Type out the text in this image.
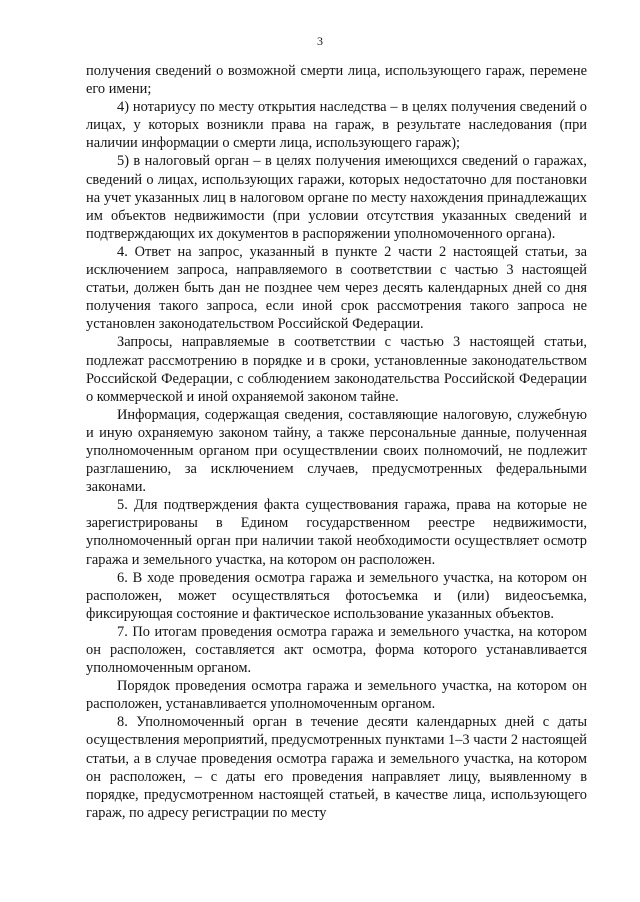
3

получения сведений о возможной смерти лица, использующего гараж, перемене его имени;

4) нотариусу по месту открытия наследства – в целях получения сведений о лицах, у которых возникли права на гараж, в результате наследования (при наличии информации о смерти лица, использующего гараж);

5) в налоговый орган – в целях получения имеющихся сведений о гаражах, сведений о лицах, использующих гаражи, которых недостаточно для постановки на учет указанных лиц в налоговом органе по месту нахождения принадлежащих им объектов недвижимости (при условии отсутствия указанных сведений и подтверждающих их документов в распоряжении уполномоченного органа).

4. Ответ на запрос, указанный в пункте 2 части 2 настоящей статьи, за исключением запроса, направляемого в соответствии с частью 3 настоящей статьи, должен быть дан не позднее чем через десять календарных дней со дня получения такого запроса, если иной срок рассмотрения такого запроса не установлен законодательством Российской Федерации.

Запросы, направляемые в соответствии с частью 3 настоящей статьи, подлежат рассмотрению в порядке и в сроки, установленные законодательством Российской Федерации, с соблюдением законодательства Российской Федерации о коммерческой и иной охраняемой законом тайне.

Информация, содержащая сведения, составляющие налоговую, служебную и иную охраняемую законом тайну, а также персональные данные, полученная уполномоченным органом при осуществлении своих полномочий, не подлежит разглашению, за исключением случаев, предусмотренных федеральными законами.

5. Для подтверждения факта существования гаража, права на которые не зарегистрированы в Едином государственном реестре недвижимости, уполномоченный орган при наличии такой необходимости осуществляет осмотр гаража и земельного участка, на котором он расположен.

6. В ходе проведения осмотра гаража и земельного участка, на котором он расположен, может осуществляться фотосъемка и (или) видеосъемка, фиксирующая состояние и фактическое использование указанных объектов.

7. По итогам проведения осмотра гаража и земельного участка, на котором он расположен, составляется акт осмотра, форма которого устанавливается уполномоченным органом.

Порядок проведения осмотра гаража и земельного участка, на котором он расположен, устанавливается уполномоченным органом.

8. Уполномоченный орган в течение десяти календарных дней с даты осуществления мероприятий, предусмотренных пунктами 1–3 части 2 настоящей статьи, а в случае проведения осмотра гаража и земельного участка, на котором он расположен, – с даты его проведения направляет лицу, выявленному в порядке, предусмотренном настоящей статьей, в качестве лица, использующего гараж, по адресу регистрации по месту
